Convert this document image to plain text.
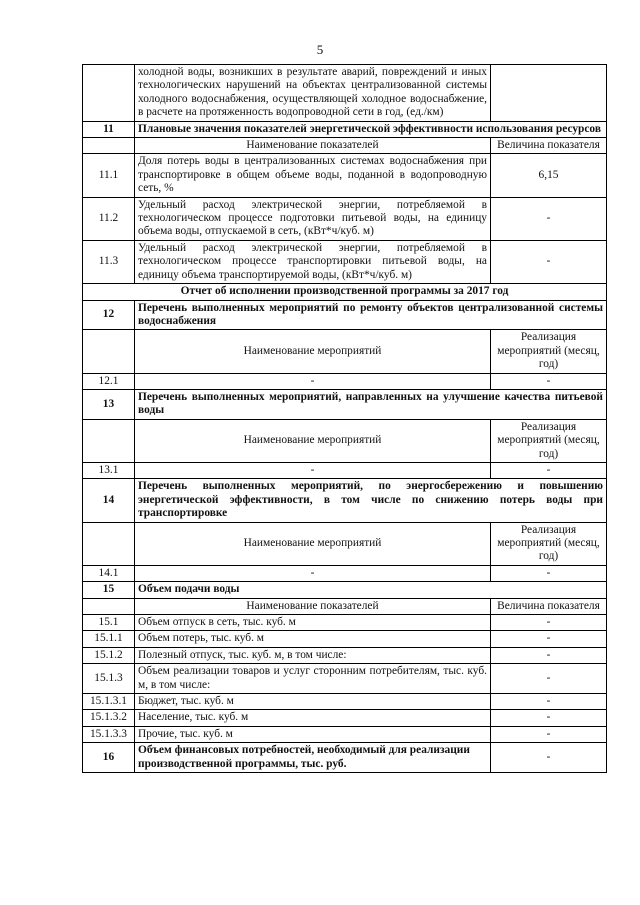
5
	холодной воды, возникших в результате аварий, повреждений и иных технологических нарушений на объектах централизованной системы холодного водоснабжения, осуществляющей холодное водоснабжение, в расчете на протяженность водопроводной сети в год, (ед./км)	
11	Плановые значения показателей энергетической эффективности использования ресурсов	
	Наименование показателей	Величина показателя
11.1	Доля потерь воды в централизованных системах водоснабжения при транспортировке в общем объеме воды, поданной в водопроводную сеть, %	6,15
11.2	Удельный расход электрической энергии, потребляемой в технологическом процессе подготовки питьевой воды, на единицу объема воды, отпускаемой в сеть, (кВт*ч/куб. м)	-
11.3	Удельный расход электрической энергии, потребляемой в технологическом процессе транспортировки питьевой воды, на единицу объема транспортируемой воды, (кВт*ч/куб. м)	-
Отчет об исполнении производственной программы за 2017 год		
12	Перечень выполненных мероприятий по ремонту объектов централизованной системы водоснабжения	
	Наименование мероприятий	Реализация мероприятий (месяц, год)
12.1	-	-
13	Перечень выполненных мероприятий, направленных на улучшение качества питьевой воды	
	Наименование мероприятий	Реализация мероприятий (месяц, год)
13.1	-	-
14	Перечень выполненных мероприятий, по энергосбережению и повышению энергетической эффективности, в том числе по снижению потерь воды при транспортировке	
	Наименование мероприятий	Реализация мероприятий (месяц, год)
14.1	-	-
15	Объем подачи воды	
	Наименование показателей	Величина показателя
15.1	Объем отпуск в сеть, тыс. куб. м	-
15.1.1	Объем потерь, тыс. куб. м	-
15.1.2	Полезный отпуск, тыс. куб. м, в том числе:	-
15.1.3	Объем реализации товаров и услуг сторонним потребителям, тыс. куб. м, в том числе:	-
15.1.3.1	Бюджет, тыс. куб. м	-
15.1.3.2	Население, тыс. куб. м	-
15.1.3.3	Прочие, тыс. куб. м	-
16	Объем финансовых потребностей, необходимый для реализации производственной программы, тыс. руб.	-
